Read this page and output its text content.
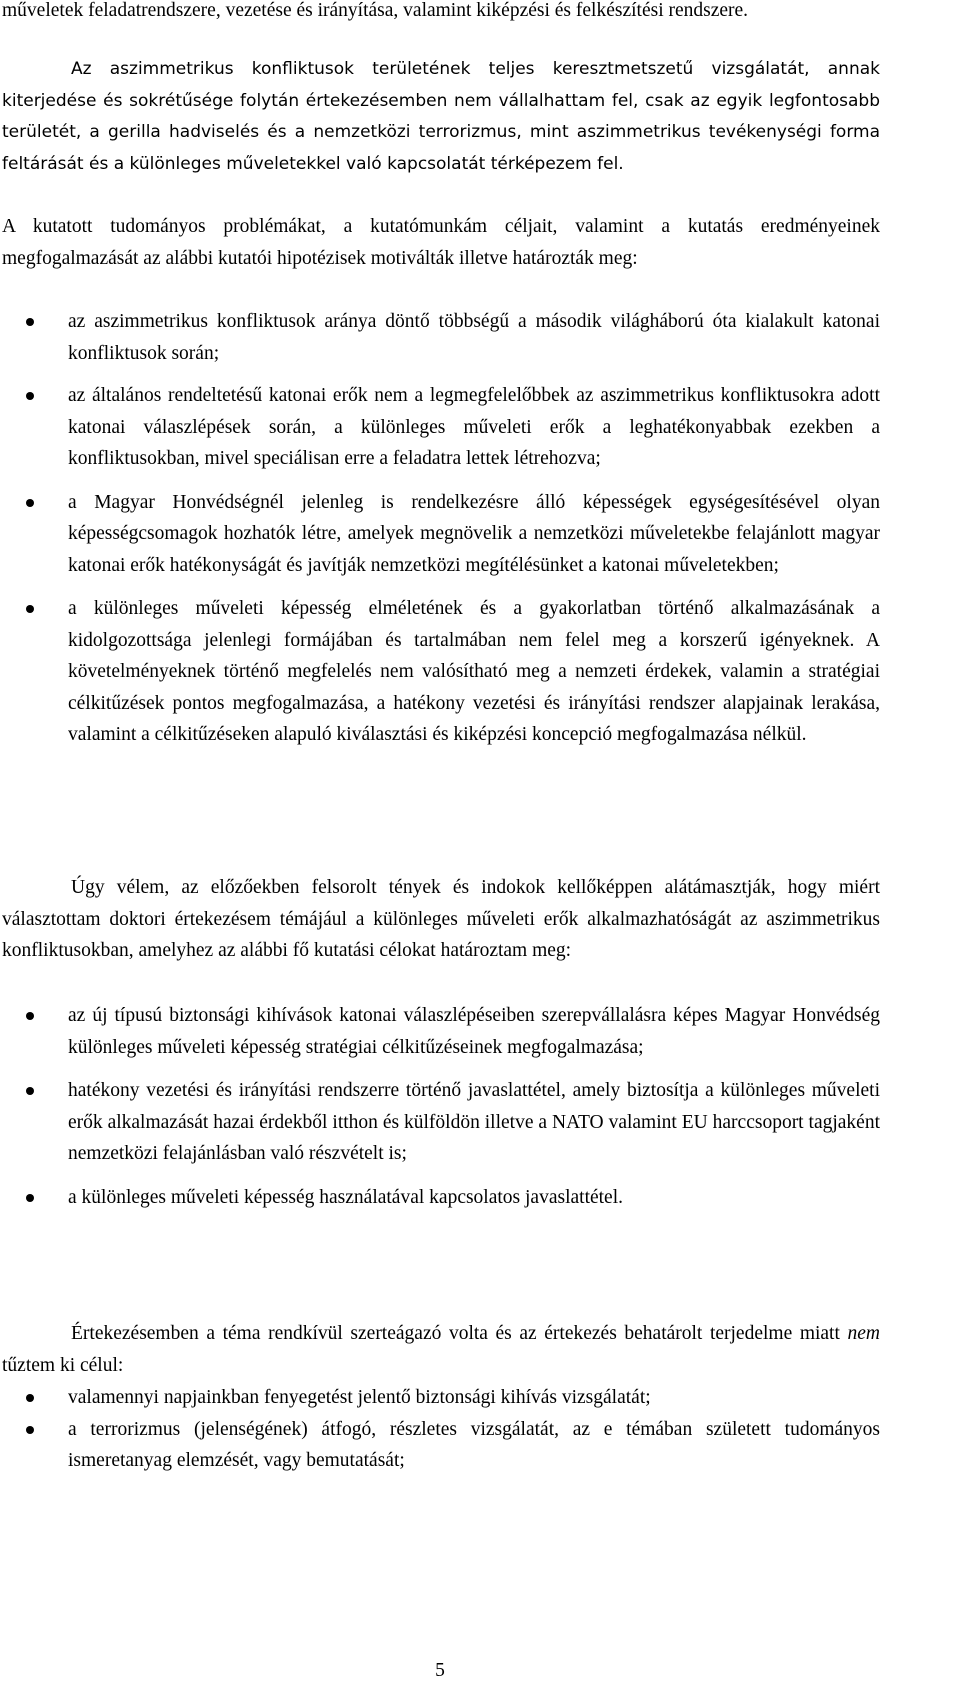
műveletek feladatrendszere, vezetése és irányítása, valamint kiképzési és felkészítési rendszere.

Az aszimmetrikus konfliktusok területének teljes keresztmetszetű vizsgálatát, annak kiterjedése és sokrétűsége folytán értekezésemben nem vállalhattam fel, csak az egyik legfontosabb területét, a gerilla hadviselés és a nemzetközi terrorizmus, mint aszimmetrikus tevékenységi forma feltárását és a különleges műveletekkel való kapcsolatát térképezem fel.

A kutatott tudományos problémákat, a kutatómunkám céljait, valamint a kutatás eredményeinek megfogalmazását az alábbi kutatói hipotézisek motiválták illetve határozták meg:

az aszimmetrikus konfliktusok aránya döntő többségű a második világháború óta kialakult katonai konfliktusok során;
az általános rendeltetésű katonai erők nem a legmegfelelőbbek az aszimmetrikus konfliktusokra adott katonai válaszlépések során, a különleges műveleti erők a leghatékonyabbak ezekben a konfliktusokban, mivel speciálisan erre a feladatra lettek létrehozva;
a Magyar Honvédségnél jelenleg is rendelkezésre álló képességek egységesítésével olyan képességcsomagok hozhatók létre, amelyek megnövelik a nemzetközi műveletekbe felajánlott magyar katonai erők hatékonyságát és javítják nemzetközi megítélésünket a katonai műveletekben;
a különleges műveleti képesség elméletének és a gyakorlatban történő alkalmazásának a kidolgozottsága jelenlegi formájában és tartalmában nem felel meg a korszerű igényeknek. A követelményeknek történő megfelelés nem valósítható meg a nemzeti érdekek, valamin a stratégiai célkitűzések pontos megfogalmazása, a hatékony vezetési és irányítási rendszer alapjainak lerakása, valamint a célkitűzéseken alapuló kiválasztási és kiképzési koncepció megfogalmazása nélkül.

Úgy vélem, az előzőekben felsorolt tények és indokok kellőképpen alátámasztják, hogy miért választottam doktori értekezésem témájául a különleges műveleti erők alkalmazhatóságát az aszimmetrikus konfliktusokban, amelyhez az alábbi fő kutatási célokat határoztam meg:

az új típusú biztonsági kihívások katonai válaszlépéseiben szerepvállalásra képes Magyar Honvédség különleges műveleti képesség stratégiai célkitűzéseinek megfogalmazása;
hatékony vezetési és irányítási rendszerre történő javaslattétel, amely biztosítja a különleges műveleti erők alkalmazását hazai érdekből itthon és külföldön illetve a NATO valamint EU harccsoport tagjaként nemzetközi felajánlásban való részvételt is;
a különleges műveleti képesség használatával kapcsolatos javaslattétel.

Értekezésemben a téma rendkívül szerteágazó volta és az értekezés behatárolt terjedelme miatt nem tűztem ki célul:

valamennyi napjainkban fenyegetést jelentő biztonsági kihívás vizsgálatát;
a terrorizmus (jelenségének) átfogó, részletes vizsgálatát, az e témában született tudományos ismeretanyag elemzését, vagy bemutatását;
5
